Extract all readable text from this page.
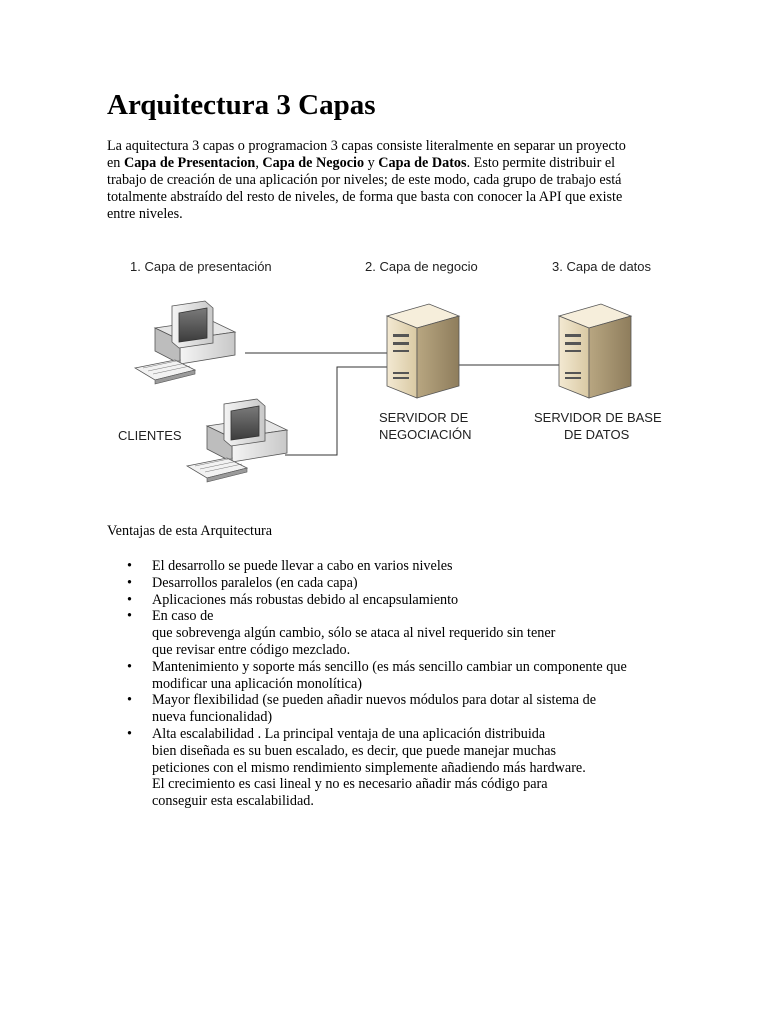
Arquitectura 3 Capas

La aquitectura 3 capas o programacion 3 capas consiste literalmente en separar un proyecto
en Capa de Presentacion, Capa de Negocio y Capa de Datos. Esto permite distribuir el
trabajo de creación de una aplicación por niveles; de este modo, cada grupo de trabajo está
totalmente abstraído del resto de niveles, de forma que basta con conocer la API que existe
entre niveles.

Ventajas de esta Arquitectura

• El desarrollo se puede llevar a cabo en varios niveles
• Desarrollos paralelos (en cada capa)
• Aplicaciones más robustas debido al encapsulamiento
• En caso de
que sobrevenga algún cambio, sólo se ataca al nivel requerido sin tener
que revisar entre código mezclado.
• Mantenimiento y soporte más sencillo (es más sencillo cambiar un componente que
modificar una aplicación monolítica)
• Mayor flexibilidad (se pueden añadir nuevos módulos para dotar al sistema de
nueva funcionalidad)
• Alta escalabilidad . La principal ventaja de una aplicación distribuida
bien diseñada es su buen escalado, es decir, que puede manejar muchas
peticiones con el mismo rendimiento simplemente añadiendo más hardware.
El crecimiento es casi lineal y no es necesario añadir más código para
conseguir esta escalabilidad.
1. Capa de presentación	2. Capa de negocio	3. Capa de datos
CLIENTES
SERVIDOR DE
NEGOCIACIÓN
SERVIDOR DE BASE
DE DATOS
